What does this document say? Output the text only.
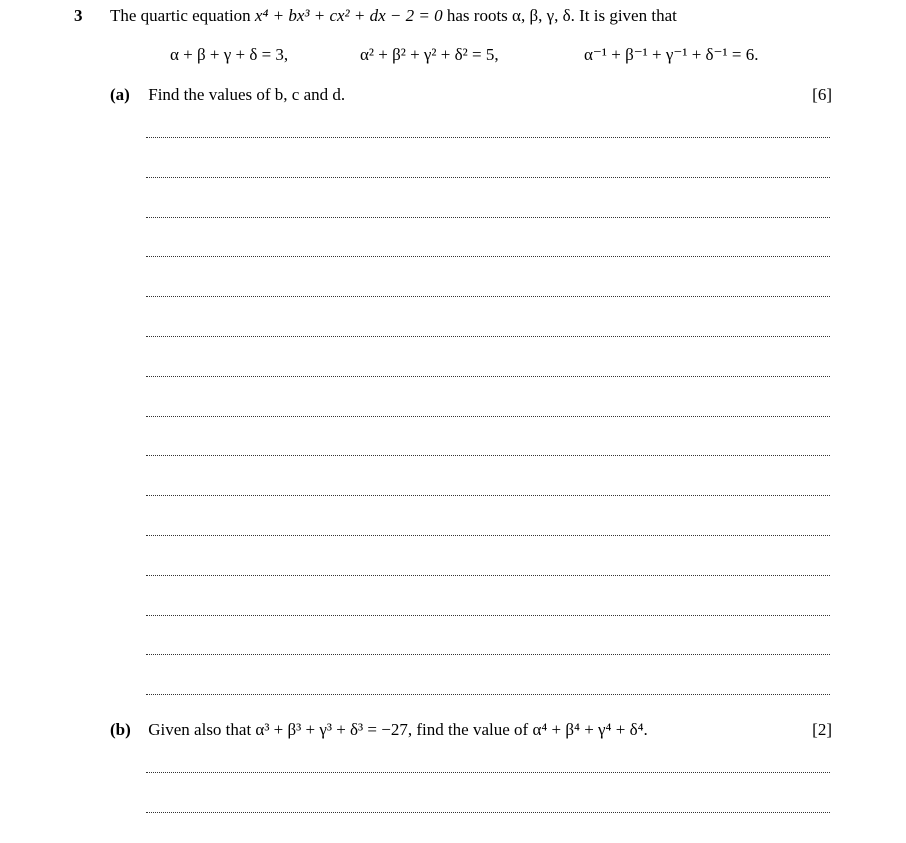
3 The quartic equation x⁴ + bx³ + cx² + dx − 2 = 0 has roots α, β, γ, δ. It is given that
α + β + γ + δ = 3,	α² + β² + γ² + δ² = 5,	α⁻¹ + β⁻¹ + γ⁻¹ + δ⁻¹ = 6.
(a) Find the values of b, c and d.	[6]
(b) Given also that α³ + β³ + γ³ + δ³ = −27, find the value of α⁴ + β⁴ + γ⁴ + δ⁴.	[2]
